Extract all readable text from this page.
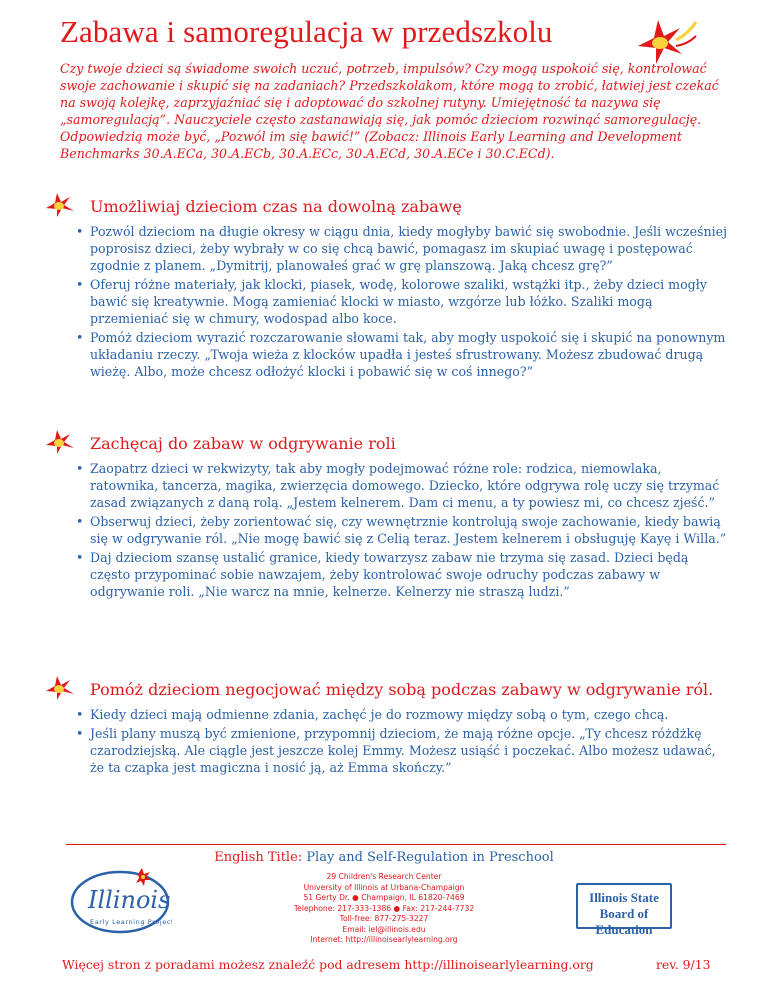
Zabawa i samoregulacja w przedszkolu
Czy twoje dzieci są świadome swoich uczuć, potrzeb, impulsów? Czy mogą uspokoić się, kontrolować swoje zachowanie i skupić się na zadaniach? Przedszkolakom, które mogą to zrobić, łatwiej jest czekać na swoją kolejkę, zaprzyjaźniać się i adoptować do szkolnej rutyny. Umiejętność ta nazywa się „samoregulacją”. Nauczyciele często zastanawiają się, jak pomóc dzieciom rozwinąć samoregulację. Odpowiedzią może być, „Pozwól im się bawić!” (Zobacz: Illinois Early Learning and Development Benchmarks 30.A.ECa, 30.A.ECb, 30.A.ECc, 30.A.ECd, 30.A.ECe i 30.C.ECd).
Umożliwiaj dzieciom czas na dowolną zabawę
• Pozwól dzieciom na długie okresy w ciągu dnia, kiedy mogłyby bawić się swobodnie. Jeśli wcześniej poprosisz dzieci, żeby wybrały w co się chcą bawić, pomagasz im skupiać uwagę i postępować zgodnie z planem. „Dymitrij, planowałeś grać w grę planszową. Jaką chcesz grę?”
• Oferuj różne materiały, jak klocki, piasek, wodę, kolorowe szaliki, wstążki itp., żeby dzieci mogły bawić się kreatywnie. Mogą zamieniać klocki w miasto, wzgórze lub łóżko. Szaliki mogą przemieniać się w chmury, wodospad albo koce.
• Pomóż dzieciom wyrazić rozczarowanie słowami tak, aby mogły uspokoić się i skupić na ponownym układaniu rzeczy. „Twoja wieża z klocków upadła i jesteś sfrustrowany. Możesz zbudować drugą wieżę. Albo, może chcesz odłożyć klocki i pobawić się w coś innego?”
Zachęcaj do zabaw w odgrywanie roli
• Zaopatrz dzieci w rekwizyty, tak aby mogły podejmować różne role: rodzica, niemowlaka, ratownika, tancerza, magika, zwierzęcia domowego. Dziecko, które odgrywa rolę uczy się trzymać zasad związanych z daną rolą. „Jestem kelnerem. Dam ci menu, a ty powiesz mi, co chcesz zjeść.”
• Obserwuj dzieci, żeby zorientować się, czy wewnętrznie kontrolują swoje zachowanie, kiedy bawią się w odgrywanie ról. „Nie mogę bawić się z Celią teraz. Jestem kelnerem i obsługuję Kayę i Willa.”
• Daj dzieciom szansę ustalić granice, kiedy towarzysz zabaw nie trzyma się zasad. Dzieci będą często przypominać sobie nawzajem, żeby kontrolować swoje odruchy podczas zabawy w odgrywanie roli. „Nie warcz na mnie, kelnerze. Kelnerzy nie straszą ludzi.”
Pomóż dzieciom negocjować między sobą podczas zabawy w odgrywanie ról.
• Kiedy dzieci mają odmienne zdania, zachęć je do rozmowy między sobą o tym, czego chcą.
• Jeśli plany muszą być zmienione, przypomnij dzieciom, że mają różne opcje. „Ty chcesz różdżkę czarodziejską. Ale ciągle jest jeszcze kolej Emmy. Możesz usiąść i poczekać. Albo możesz udawać, że ta czapka jest magiczna i nosić ją, aż Emma skończy.”
English Title: Play and Self-Regulation in Preschool
Illinois
Early Learning Project
29 Children's Research Center
University of Illinois at Urbana-Champaign
51 Gerty Dr. ● Champaign, IL 61820-7469
Telephone: 217-333-1386 ● Fax: 217-244-7732
Toll-free: 877-275-3227
Email: iel@illinois.edu
Internet: http://illinoisearlylearning.org
Illinois State
Board of Education
Więcej stron z poradami możesz znaleźć pod adresem http://illinoisearlylearning.org	rev. 9/13
